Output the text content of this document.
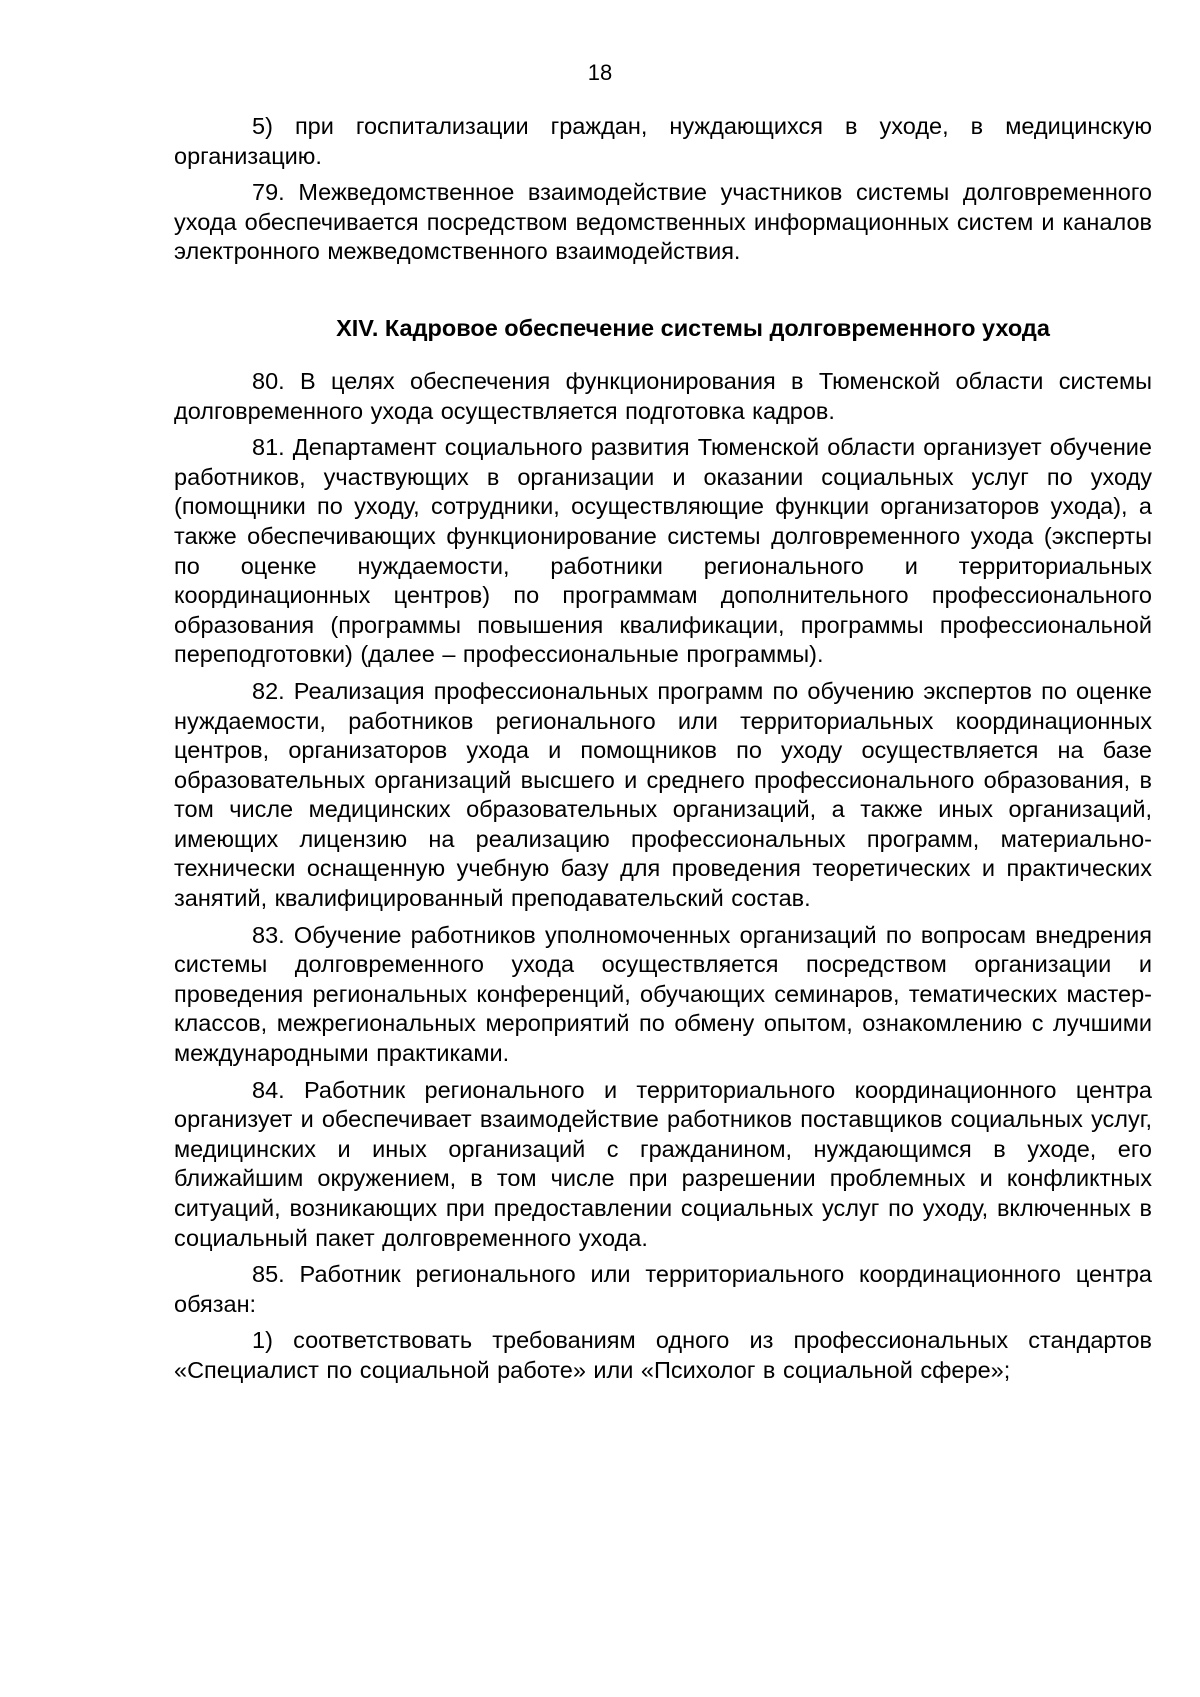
18

5) при госпитализации граждан, нуждающихся в уходе, в медицинскую организацию.

79. Межведомственное взаимодействие участников системы долговременного ухода обеспечивается посредством ведомственных информационных систем и каналов электронного межведомственного взаимодействия.

XIV. Кадровое обеспечение системы долговременного ухода

80. В целях обеспечения функционирования в Тюменской области системы долговременного ухода осуществляется подготовка кадров.

81. Департамент социального развития Тюменской области организует обучение работников, участвующих в организации и оказании социальных услуг по уходу (помощники по уходу, сотрудники, осуществляющие функции организаторов ухода), а также обеспечивающих функционирование системы долговременного ухода (эксперты по оценке нуждаемости, работники регионального и территориальных координационных центров) по программам дополнительного профессионального образования (программы повышения квалификации, программы профессиональной переподготовки) (далее – профессиональные программы).

82. Реализация профессиональных программ по обучению экспертов по оценке нуждаемости, работников регионального или территориальных координационных центров, организаторов ухода и помощников по уходу осуществляется на базе образовательных организаций высшего и среднего профессионального образования, в том числе медицинских образовательных организаций, а также иных организаций, имеющих лицензию на реализацию профессиональных программ, материально-технически оснащенную учебную базу для проведения теоретических и практических занятий, квалифицированный преподавательский состав.

83. Обучение работников уполномоченных организаций по вопросам внедрения системы долговременного ухода осуществляется посредством организации и проведения региональных конференций, обучающих семинаров, тематических мастер-классов, межрегиональных мероприятий по обмену опытом, ознакомлению с лучшими международными практиками.

84. Работник регионального и территориального координационного центра организует и обеспечивает взаимодействие работников поставщиков социальных услуг, медицинских и иных организаций с гражданином, нуждающимся в уходе, его ближайшим окружением, в том числе при разрешении проблемных и конфликтных ситуаций, возникающих при предоставлении социальных услуг по уходу, включенных в социальный пакет долговременного ухода.

85. Работник регионального или территориального координационного центра обязан:

1) соответствовать требованиям одного из профессиональных стандартов «Специалист по социальной работе» или «Психолог в социальной сфере»;
